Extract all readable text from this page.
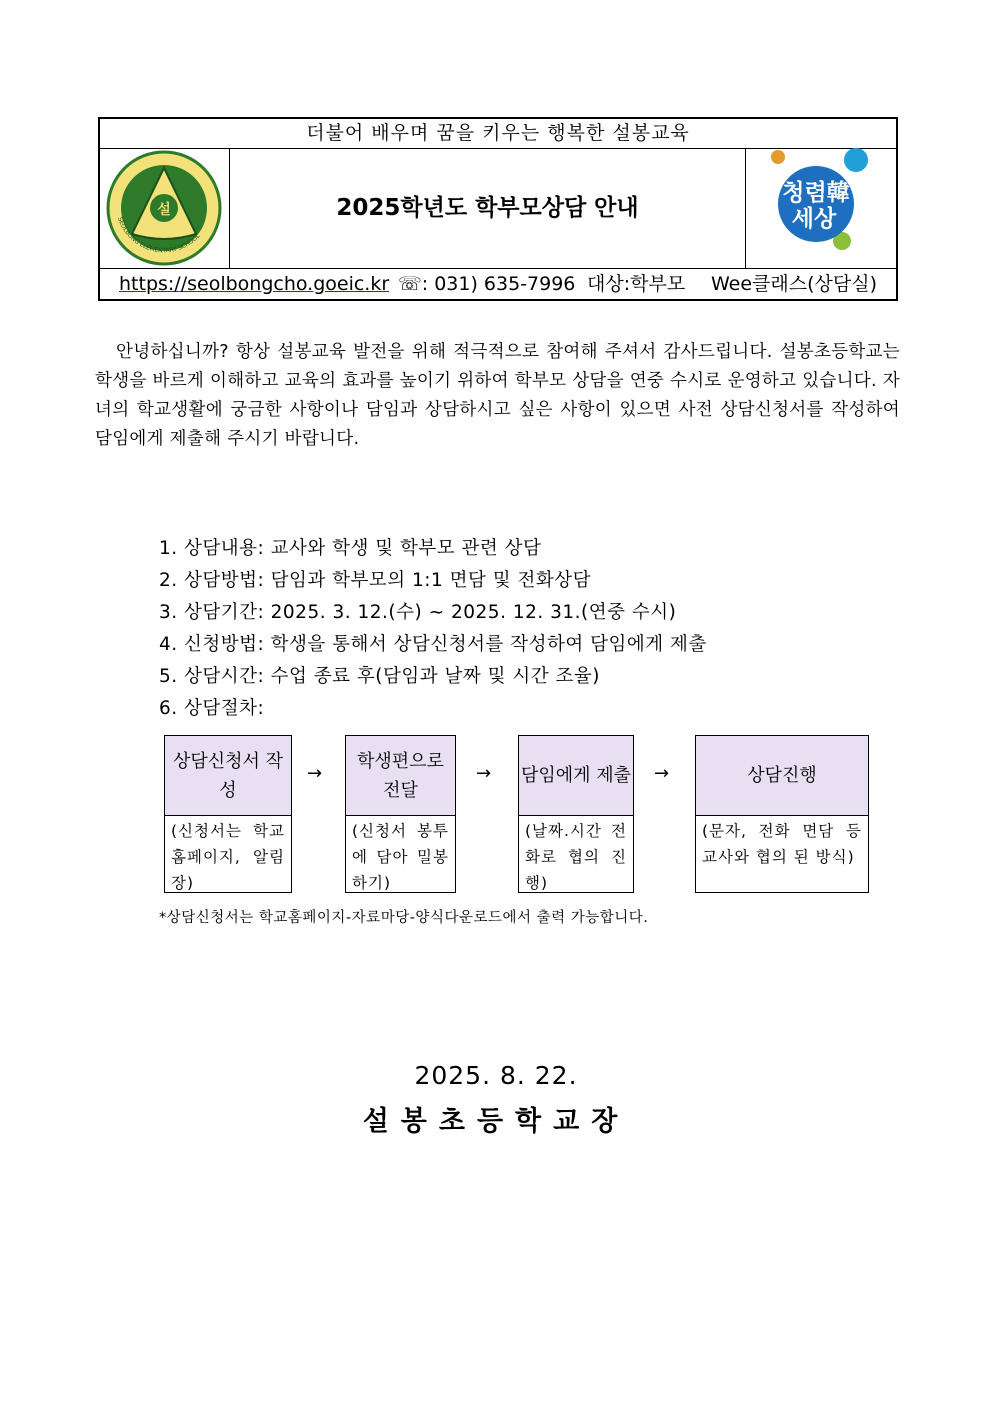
더불어 배우며 꿈을 키우는 행복한 설봉교육
설
SEOLBONG ELEMENTARY SCHOOL
2025학년도 학부모상담 안내
청렴韓
세상
https://seolbongcho.goeic.kr ☏: 031) 635-7996 대상:학부모 Wee클래스(상담실)
안녕하십니까? 항상 설봉교육 발전을 위해 적극적으로 참여해 주셔서 감사드립니다. 설봉초등학교는 학생을 바르게 이해하고 교육의 효과를 높이기 위하여 학부모 상담을 연중 수시로 운영하고 있습니다. 자녀의 학교생활에 궁금한 사항이나 담임과 상담하시고 싶은 사항이 있으면 사전 상담신청서를 작성하여 담임에게 제출해 주시기 바랍니다.
1. 상담내용: 교사와 학생 및 학부모 관련 상담
2. 상담방법: 담임과 학부모의 1:1 면담 및 전화상담
3. 상담기간: 2025. 3. 12.(수) ~ 2025. 12. 31.(연중 수시)
4. 신청방법: 학생을 통해서 상담신청서를 작성하여 담임에게 제출
5. 상담시간: 수업 종료 후(담임과 날짜 및 시간 조율)
6. 상담절차:
상담신청서 작성
(신청서는 학교홈페이지, 알림장)
→
학생편으로 전달
(신청서 봉투에 담아 밀봉하기)
→ 담임에게 제출
(날짜.시간 전화로 협의 진행)
→	상담진행
(문자, 전화 면담 등 교사와 협의 된 방식)
*상담신청서는 학교홈페이지-자료마당-양식다운로드에서 출력 가능합니다.
2025. 8. 22.
설봉초등학교장
